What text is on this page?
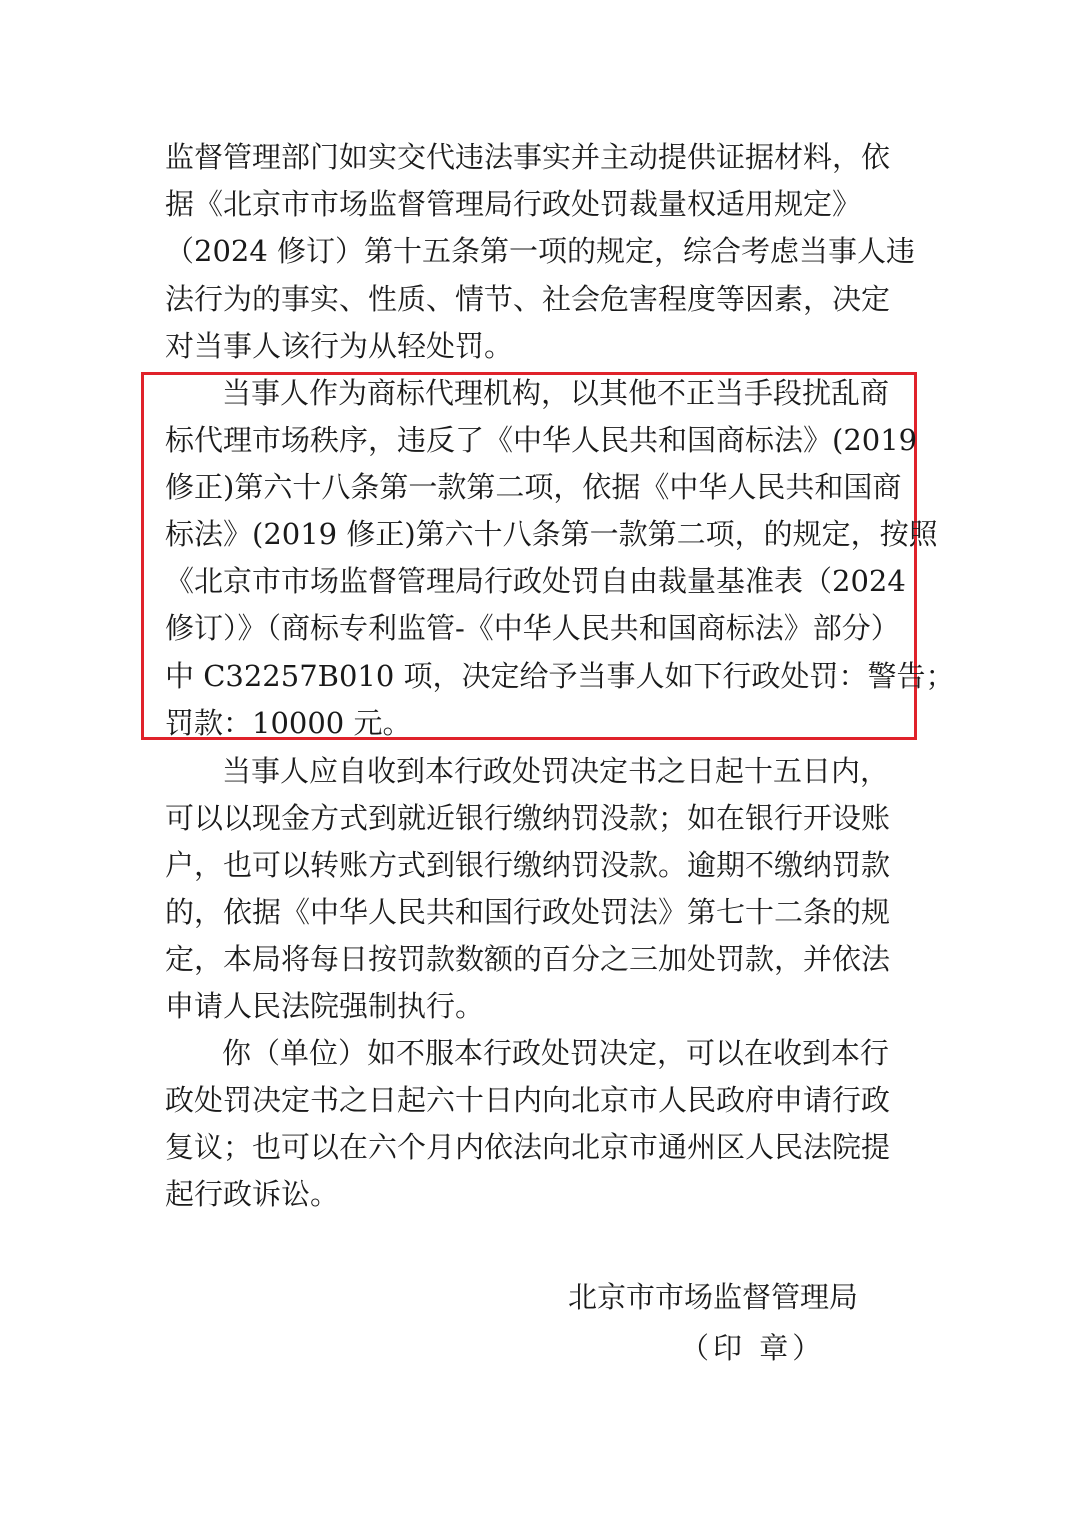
监督管理部门如实交代违法事实并主动提供证据材料，依
据《北京市市场监督管理局行政处罚裁量权适用规定》
（2024 修订）第十五条第一项的规定，综合考虑当事人违
法行为的事实、性质、情节、社会危害程度等因素，决定
对当事人该行为从轻处罚。
当事人作为商标代理机构，以其他不正当手段扰乱商
标代理市场秩序，违反了《中华人民共和国商标法》(2019
修正)第六十八条第一款第二项，依据《中华人民共和国商
标法》(2019 修正)第六十八条第一款第二项，的规定，按照
《北京市市场监督管理局行政处罚自由裁量基准表（2024
修订）》（商标专利监管-《中华人民共和国商标法》部分）
中 C32257B010 项，决定给予当事人如下行政处罚：警告；
罚款：10000 元。
当事人应自收到本行政处罚决定书之日起十五日内，
可以以现金方式到就近银行缴纳罚没款；如在银行开设账
户，也可以转账方式到银行缴纳罚没款。逾期不缴纳罚款
的，依据《中华人民共和国行政处罚法》第七十二条的规
定，本局将每日按罚款数额的百分之三加处罚款，并依法
申请人民法院强制执行。
你（单位）如不服本行政处罚决定，可以在收到本行
政处罚决定书之日起六十日内向北京市人民政府申请行政
复议；也可以在六个月内依法向北京市通州区人民法院提
起行政诉讼。
北京市市场监督管理局
（印 章）
